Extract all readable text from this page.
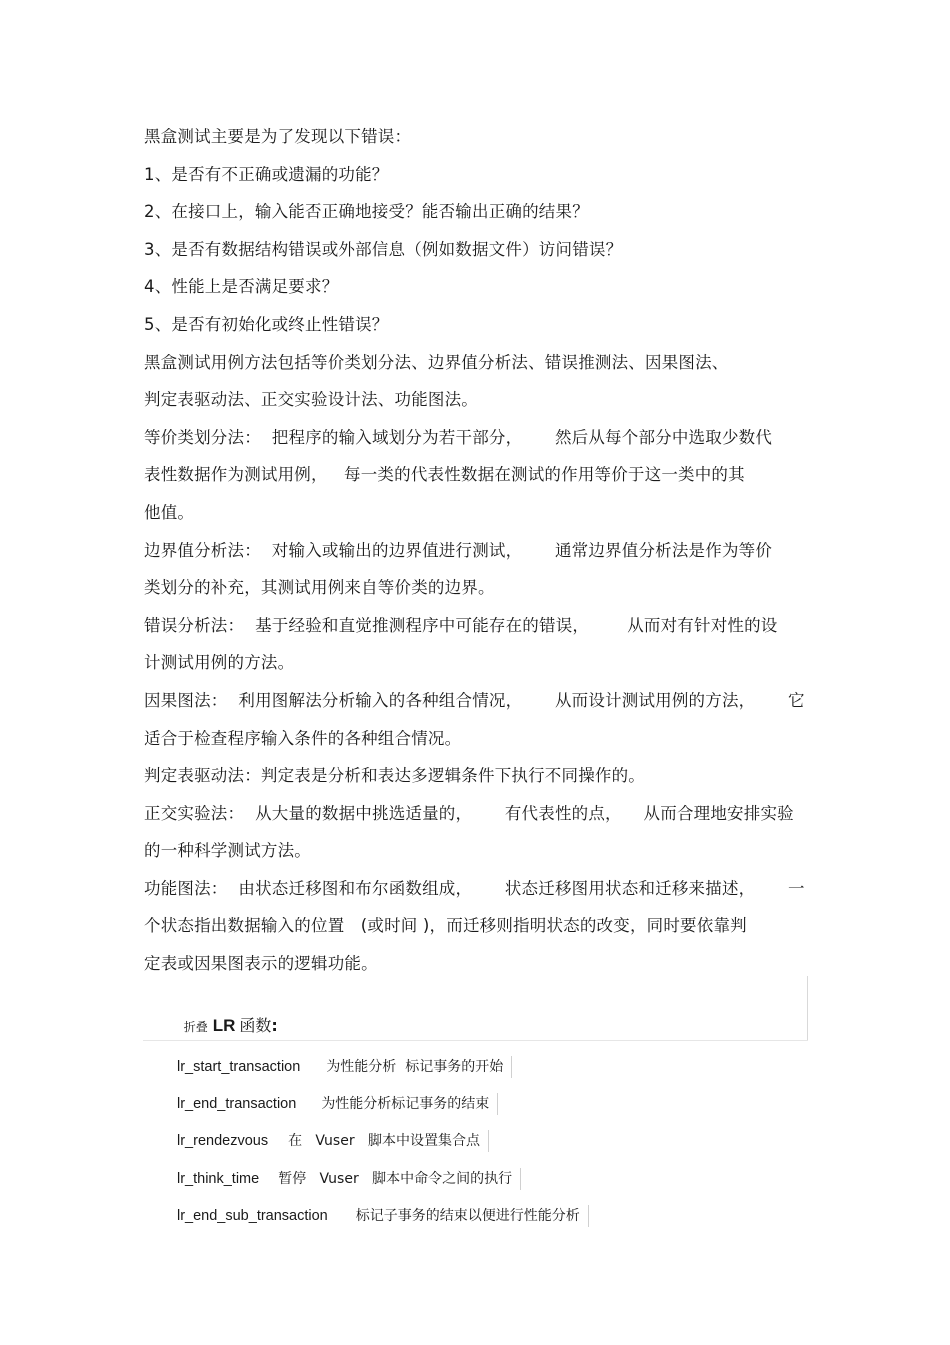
黑盒测试主要是为了发现以下错误：
1、是否有不正确或遗漏的功能？
2、在接口上，输入能否正确地接受？能否输出正确的结果？
3、是否有数据结构错误或外部信息（例如数据文件）访问错误？
4、性能上是否满足要求？
5、是否有初始化或终止性错误？
黑盒测试用例方法包括等价类划分法、边界值分析法、错误推测法、因果图法、
判定表驱动法、正交实验设计法、功能图法。
等价类划分法：  把程序的输入域划分为若干部分，      然后从每个部分中选取少数代
表性数据作为测试用例，   每一类的代表性数据在测试的作用等价于这一类中的其
他值。
边界值分析法：  对输入或输出的边界值进行测试，      通常边界值分析法是作为等价
类划分的补充，其测试用例来自等价类的边界。
错误分析法：  基于经验和直觉推测程序中可能存在的错误，       从而对有针对性的设
计测试用例的方法。
因果图法：  利用图解法分析输入的各种组合情况，      从而设计测试用例的方法，      它
适合于检查程序输入条件的各种组合情况。
判定表驱动法：判定表是分析和表达多逻辑条件下执行不同操作的。
正交实验法：  从大量的数据中挑选适量的，      有代表性的点，    从而合理地安排实验
的一种科学测试方法。
功能图法：  由状态迁移图和布尔函数组成，      状态迁移图用状态和迁移来描述，      一
个状态指出数据输入的位置   (或时间 )，而迁移则指明状态的改变，同时要依靠判
定表或因果图表示的逻辑功能。

折叠 LR 函数:

lr_start_transaction 为性能分析  标记事务的开始
lr_end_transaction 为性能分析标记事务的结束
lr_rendezvous 在   Vuser   脚本中设置集合点
lr_think_time 暂停   Vuser   脚本中命令之间的执行
lr_end_sub_transaction 标记子事务的结束以便进行性能分析
